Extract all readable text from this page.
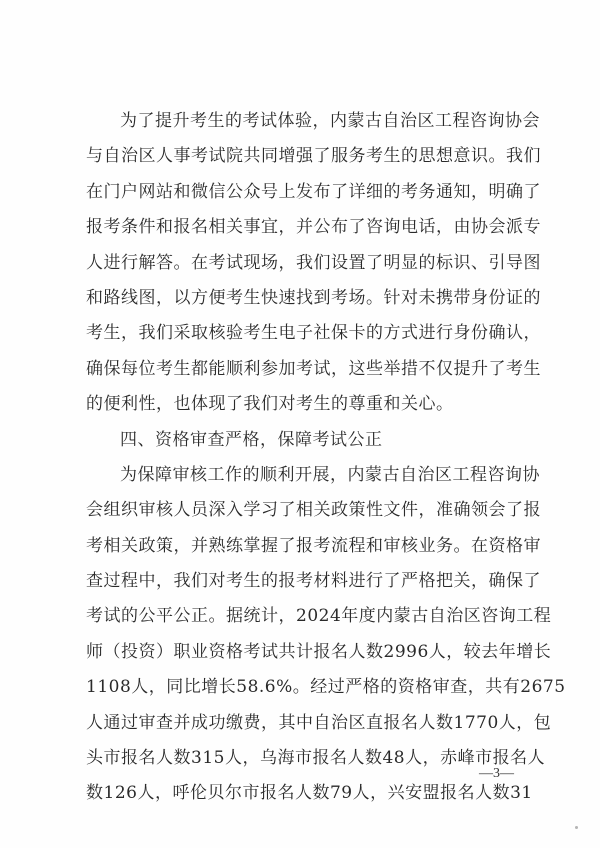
为了提升考生的考试体验，内蒙古自治区工程咨询协会
与自治区人事考试院共同增强了服务考生的思想意识。我们
在门户网站和微信公众号上发布了详细的考务通知，明确了
报考条件和报名相关事宜，并公布了咨询电话，由协会派专
人进行解答。在考试现场，我们设置了明显的标识、引导图
和路线图，以方便考生快速找到考场。针对未携带身份证的
考生，我们采取核验考生电子社保卡的方式进行身份确认，
确保每位考生都能顺利参加考试，这些举措不仅提升了考生
的便利性，也体现了我们对考生的尊重和关心。
四、资格审查严格，保障考试公正
为保障审核工作的顺利开展，内蒙古自治区工程咨询协
会组织审核人员深入学习了相关政策性文件，准确领会了报
考相关政策，并熟练掌握了报考流程和审核业务。在资格审
查过程中，我们对考生的报考材料进行了严格把关，确保了
考试的公平公正。据统计，2024年度内蒙古自治区咨询工程
师（投资）职业资格考试共计报名人数2996人，较去年增长
1108人，同比增长58.6%。经过严格的资格审查，共有2675
人通过审查并成功缴费，其中自治区直报名人数1770人，包
头市报名人数315人，乌海市报名人数48人，赤峰市报名人
数126人，呼伦贝尔市报名人数79人，兴安盟报名人数31
—3—
